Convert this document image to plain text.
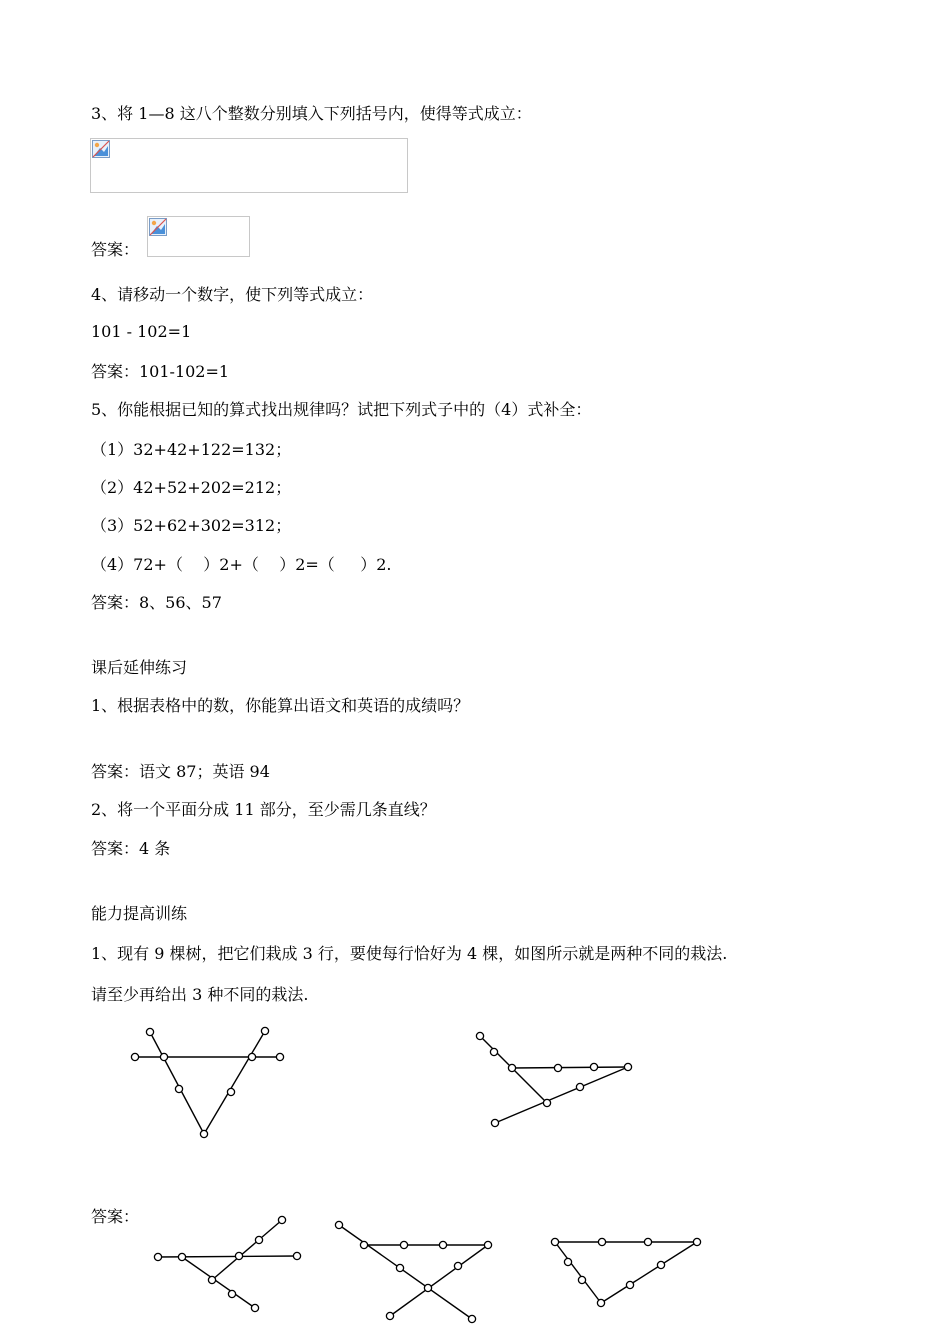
3、将 1—8 这八个整数分别填入下列括号内，使得等式成立：
答案：
4、请移动一个数字，使下列等式成立：
101 - 102=1
答案：101-102=1
5、你能根据已知的算式找出规律吗？试把下列式子中的（4）式补全：
（1）32+42+122=132；
（2）42+52+202=212；
（3）52+62+302=312；
（4）72+（    ）2+（    ）2=（     ）2.
答案：8、56、57
课后延伸练习
1、根据表格中的数，你能算出语文和英语的成绩吗？
答案：语文 87；英语 94
2、将一个平面分成 11 部分，至少需几条直线？
答案：4 条
能力提高训练
1、现有 9 棵树，把它们栽成 3 行，要使每行恰好为 4 棵，如图所示就是两种不同的栽法.
请至少再给出 3 种不同的栽法.
答案：
